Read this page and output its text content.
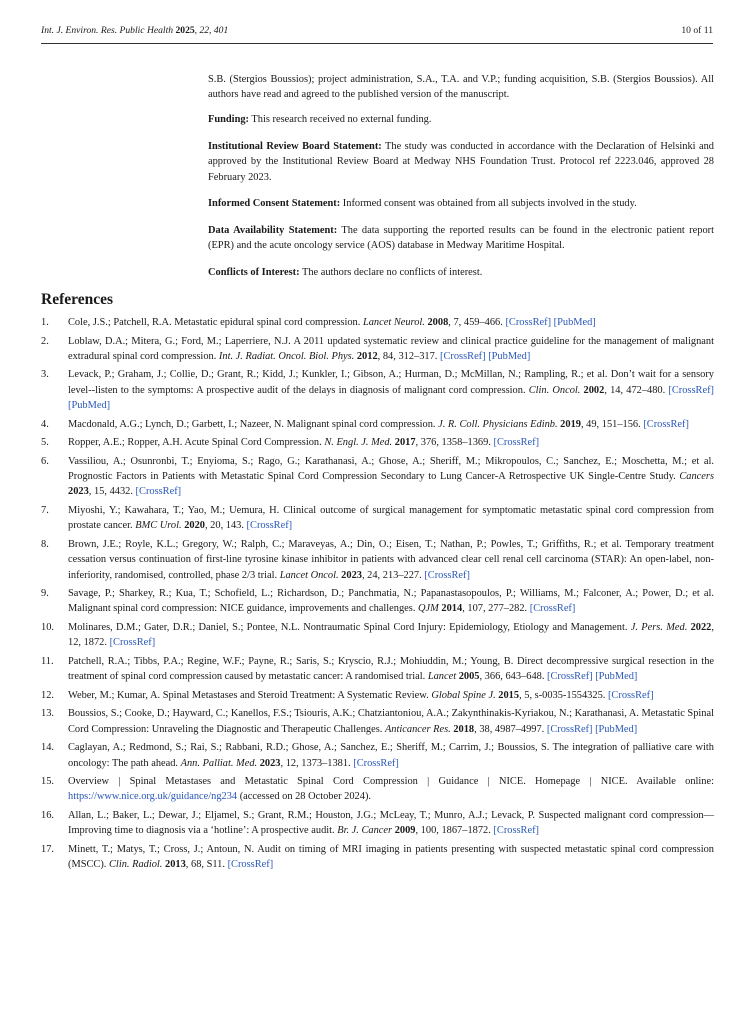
Int. J. Environ. Res. Public Health 2025, 22, 401	10 of 11

S.B. (Stergios Boussios); project administration, S.A., T.A. and V.P.; funding acquisition, S.B. (Stergios Boussios). All authors have read and agreed to the published version of the manuscript.

Funding: This research received no external funding.

Institutional Review Board Statement: The study was conducted in accordance with the Declaration of Helsinki and approved by the Institutional Review Board at Medway NHS Foundation Trust. Protocol ref 2223.046, approved 28 February 2023.

Informed Consent Statement: Informed consent was obtained from all subjects involved in the study.

Data Availability Statement: The data supporting the reported results can be found in the electronic patient report (EPR) and the acute oncology service (AOS) database in Medway Maritime Hospital.

Conflicts of Interest: The authors declare no conflicts of interest.

References
1. Cole, J.S.; Patchell, R.A. Metastatic epidural spinal cord compression. Lancet Neurol. 2008, 7, 459–466. [CrossRef] [PubMed]
2. Loblaw, D.A.; Mitera, G.; Ford, M.; Laperriere, N.J. A 2011 updated systematic review and clinical practice guideline for the management of malignant extradural spinal cord compression. Int. J. Radiat. Oncol. Biol. Phys. 2012, 84, 312–317. [CrossRef] [PubMed]
3. Levack, P.; Graham, J.; Collie, D.; Grant, R.; Kidd, J.; Kunkler, I.; Gibson, A.; Hurman, D.; McMillan, N.; Rampling, R.; et al. Don’t wait for a sensory level--listen to the symptoms: A prospective audit of the delays in diagnosis of malignant cord compression. Clin. Oncol. 2002, 14, 472–480. [CrossRef] [PubMed]
4. Macdonald, A.G.; Lynch, D.; Garbett, I.; Nazeer, N. Malignant spinal cord compression. J. R. Coll. Physicians Edinb. 2019, 49, 151–156. [CrossRef]
5. Ropper, A.E.; Ropper, A.H. Acute Spinal Cord Compression. N. Engl. J. Med. 2017, 376, 1358–1369. [CrossRef]
6. Vassiliou, A.; Osunronbi, T.; Enyioma, S.; Rago, G.; Karathanasi, A.; Ghose, A.; Sheriff, M.; Mikropoulos, C.; Sanchez, E.; Moschetta, M.; et al. Prognostic Factors in Patients with Metastatic Spinal Cord Compression Secondary to Lung Cancer-A Retrospective UK Single-Centre Study. Cancers 2023, 15, 4432. [CrossRef]
7. Miyoshi, Y.; Kawahara, T.; Yao, M.; Uemura, H. Clinical outcome of surgical management for symptomatic metastatic spinal cord compression from prostate cancer. BMC Urol. 2020, 20, 143. [CrossRef]
8. Brown, J.E.; Royle, K.L.; Gregory, W.; Ralph, C.; Maraveyas, A.; Din, O.; Eisen, T.; Nathan, P.; Powles, T.; Griffiths, R.; et al. Temporary treatment cessation versus continuation of first-line tyrosine kinase inhibitor in patients with advanced clear cell renal cell carcinoma (STAR): An open-label, non-inferiority, randomised, controlled, phase 2/3 trial. Lancet Oncol. 2023, 24, 213–227. [CrossRef]
9. Savage, P.; Sharkey, R.; Kua, T.; Schofield, L.; Richardson, D.; Panchmatia, N.; Papanastasopoulos, P.; Williams, M.; Falconer, A.; Power, D.; et al. Malignant spinal cord compression: NICE guidance, improvements and challenges. QJM 2014, 107, 277–282. [CrossRef]
10. Molinares, D.M.; Gater, D.R.; Daniel, S.; Pontee, N.L. Nontraumatic Spinal Cord Injury: Epidemiology, Etiology and Management. J. Pers. Med. 2022, 12, 1872. [CrossRef]
11. Patchell, R.A.; Tibbs, P.A.; Regine, W.F.; Payne, R.; Saris, S.; Kryscio, R.J.; Mohiuddin, M.; Young, B. Direct decompressive surgical resection in the treatment of spinal cord compression caused by metastatic cancer: A randomised trial. Lancet 2005, 366, 643–648. [CrossRef] [PubMed]
12. Weber, M.; Kumar, A. Spinal Metastases and Steroid Treatment: A Systematic Review. Global Spine J. 2015, 5, s-0035-1554325. [CrossRef]
13. Boussios, S.; Cooke, D.; Hayward, C.; Kanellos, F.S.; Tsiouris, A.K.; Chatziantoniou, A.A.; Zakynthinakis-Kyriakou, N.; Karathanasi, A. Metastatic Spinal Cord Compression: Unraveling the Diagnostic and Therapeutic Challenges. Anticancer Res. 2018, 38, 4987–4997. [CrossRef] [PubMed]
14. Caglayan, A.; Redmond, S.; Rai, S.; Rabbani, R.D.; Ghose, A.; Sanchez, E.; Sheriff, M.; Carrim, J.; Boussios, S. The integration of palliative care with oncology: The path ahead. Ann. Palliat. Med. 2023, 12, 1373–1381. [CrossRef]
15. Overview | Spinal Metastases and Metastatic Spinal Cord Compression | Guidance | NICE. Homepage | NICE. Available online: https://www.nice.org.uk/guidance/ng234 (accessed on 28 October 2024).
16. Allan, L.; Baker, L.; Dewar, J.; Eljamel, S.; Grant, R.M.; Houston, J.G.; McLeay, T.; Munro, A.J.; Levack, P. Suspected malignant cord compression—Improving time to diagnosis via a ‘hotline’: A prospective audit. Br. J. Cancer 2009, 100, 1867–1872. [CrossRef]
17. Minett, T.; Matys, T.; Cross, J.; Antoun, N. Audit on timing of MRI imaging in patients presenting with suspected metastatic spinal cord compression (MSCC). Clin. Radiol. 2013, 68, S11. [CrossRef]
